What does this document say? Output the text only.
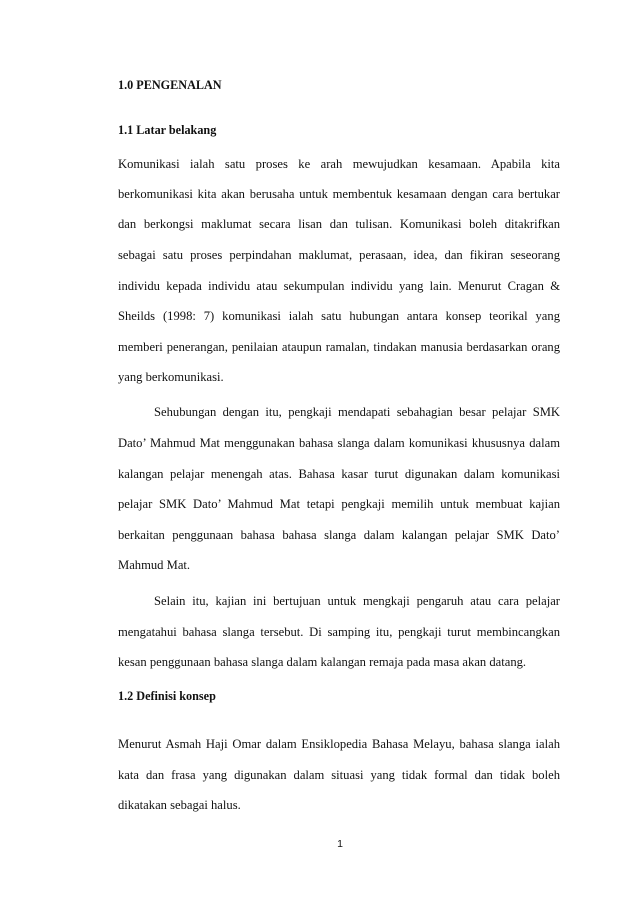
1.0 PENGENALAN
1.1 Latar belakang
Komunikasi ialah satu proses ke arah mewujudkan kesamaan. Apabila kita
berkomunikasi kita akan berusaha untuk membentuk kesamaan dengan cara bertukar
dan berkongsi maklumat secara lisan dan tulisan. Komunikasi boleh ditakrifkan
sebagai satu proses perpindahan maklumat, perasaan, idea, dan fikiran seseorang
individu kepada individu atau sekumpulan individu yang lain. Menurut Cragan &
Sheilds (1998: 7) komunikasi ialah satu hubungan antara konsep teorikal yang
memberi penerangan, penilaian ataupun ramalan, tindakan manusia berdasarkan orang
yang berkomunikasi.
Sehubungan dengan itu, pengkaji mendapati sebahagian besar pelajar SMK
Dato’ Mahmud Mat menggunakan bahasa slanga dalam komunikasi khususnya dalam
kalangan pelajar menengah atas. Bahasa kasar turut digunakan dalam komunikasi
pelajar SMK Dato’ Mahmud Mat tetapi pengkaji memilih untuk membuat kajian
berkaitan penggunaan bahasa bahasa slanga dalam kalangan pelajar SMK Dato’
Mahmud Mat.
Selain itu, kajian ini bertujuan untuk mengkaji pengaruh atau cara pelajar
mengatahui bahasa slanga tersebut. Di samping itu, pengkaji turut membincangkan
kesan penggunaan bahasa slanga dalam kalangan remaja pada masa akan datang.
1.2 Definisi konsep
Menurut Asmah Haji Omar dalam Ensiklopedia Bahasa Melayu, bahasa slanga ialah
kata dan frasa yang digunakan dalam situasi yang tidak formal dan tidak boleh
dikatakan sebagai halus.
1
